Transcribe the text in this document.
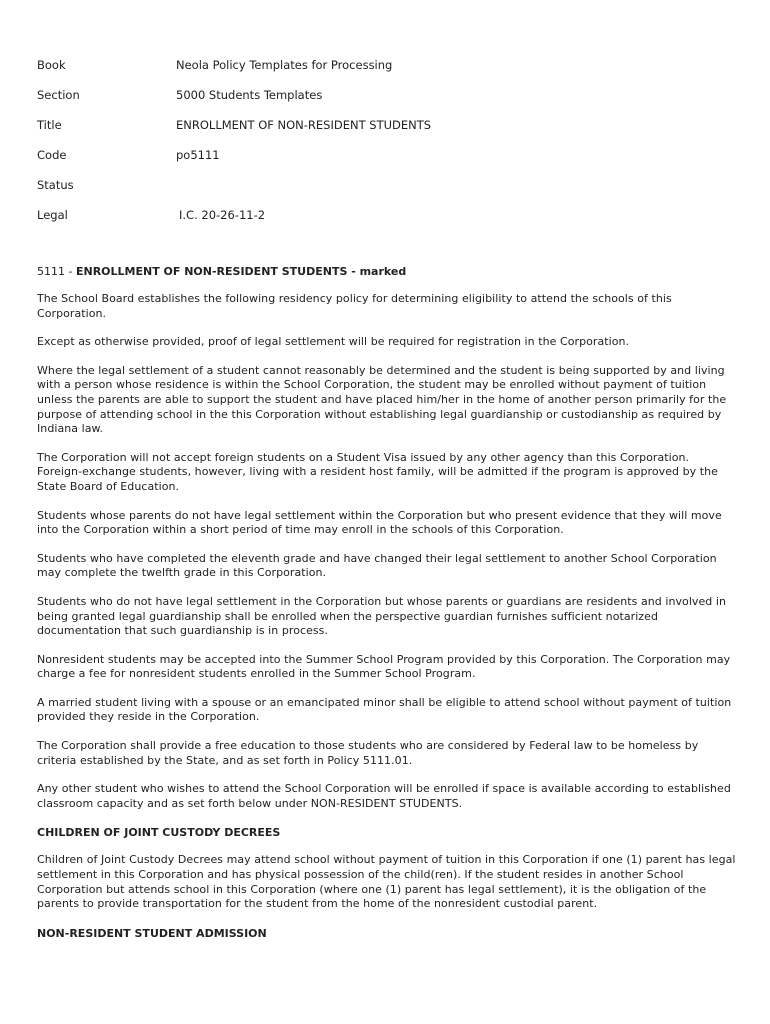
Book	Neola Policy Templates for Processing
Section	5000 Students Templates
Title	ENROLLMENT OF NON-RESIDENT STUDENTS
Code	po5111
Status	
Legal	I.C. 20-26-11-2
5111 - ENROLLMENT OF NON-RESIDENT STUDENTS - marked

The School Board establishes the following residency policy for determining eligibility to attend the schools of this Corporation.

Except as otherwise provided, proof of legal settlement will be required for registration in the Corporation.

Where the legal settlement of a student cannot reasonably be determined and the student is being supported by and living with a person whose residence is within the School Corporation, the student may be enrolled without payment of tuition unless the parents are able to support the student and have placed him/her in the home of another person primarily for the purpose of attending school in the this Corporation without establishing legal guardianship or custodianship as required by Indiana law.

The Corporation will not accept foreign students on a Student Visa issued by any other agency than this Corporation. Foreign-exchange students, however, living with a resident host family, will be admitted if the program is approved by the State Board of Education.

Students whose parents do not have legal settlement within the Corporation but who present evidence that they will move into the Corporation within a short period of time may enroll in the schools of this Corporation.

Students who have completed the eleventh grade and have changed their legal settlement to another School Corporation may complete the twelfth grade in this Corporation.

Students who do not have legal settlement in the Corporation but whose parents or guardians are residents and involved in being granted legal guardianship shall be enrolled when the perspective guardian furnishes sufficient notarized documentation that such guardianship is in process.

Nonresident students may be accepted into the Summer School Program provided by this Corporation. The Corporation may charge a fee for nonresident students enrolled in the Summer School Program.

A married student living with a spouse or an emancipated minor shall be eligible to attend school without payment of tuition provided they reside in the Corporation.

The Corporation shall provide a free education to those students who are considered by Federal law to be homeless by criteria established by the State, and as set forth in Policy 5111.01.

Any other student who wishes to attend the School Corporation will be enrolled if space is available according to established classroom capacity and as set forth below under NON-RESIDENT STUDENTS.

CHILDREN OF JOINT CUSTODY DECREES

Children of Joint Custody Decrees may attend school without payment of tuition in this Corporation if one (1) parent has legal settlement in this Corporation and has physical possession of the child(ren). If the student resides in another School Corporation but attends school in this Corporation (where one (1) parent has legal settlement), it is the obligation of the parents to provide transportation for the student from the home of the nonresident custodial parent.

NON-RESIDENT STUDENT ADMISSION
